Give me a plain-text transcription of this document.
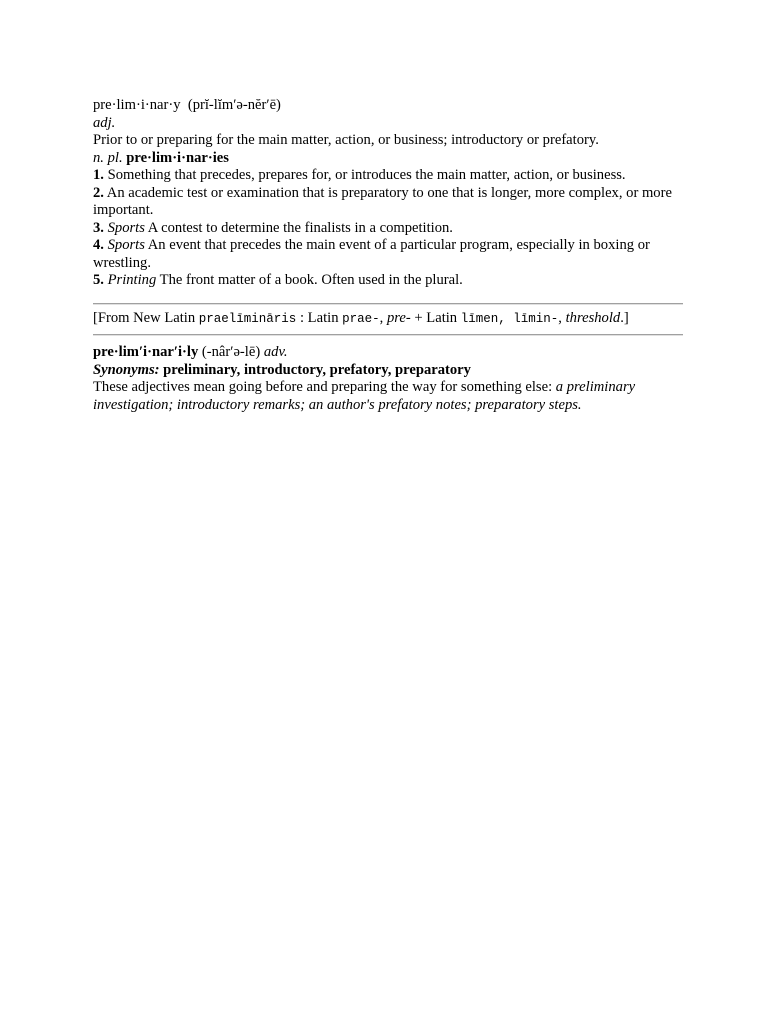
pre·lim·i·nar·y (prĭ-lĭmʹə-nĕrʹē)
adj.
Prior to or preparing for the main matter, action, or business; introductory or prefatory.
n. pl. pre·lim·i·nar·ies
1. Something that precedes, prepares for, or introduces the main matter, action, or business.
2. An academic test or examination that is preparatory to one that is longer, more complex, or more important.
3. Sports A contest to determine the finalists in a competition.
4. Sports An event that precedes the main event of a particular program, especially in boxing or wrestling.
5. Printing The front matter of a book. Often used in the plural.
[From New Latin praelīmināris : Latin prae-, pre- + Latin līmen, līmin-, threshold.]
pre·limʹi·narʹi·ly (-nârʹə-lē) adv.
Synonyms: preliminary, introductory, prefatory, preparatory
These adjectives mean going before and preparing the way for something else: a preliminary investigation; introductory remarks; an author's prefatory notes; preparatory steps.
